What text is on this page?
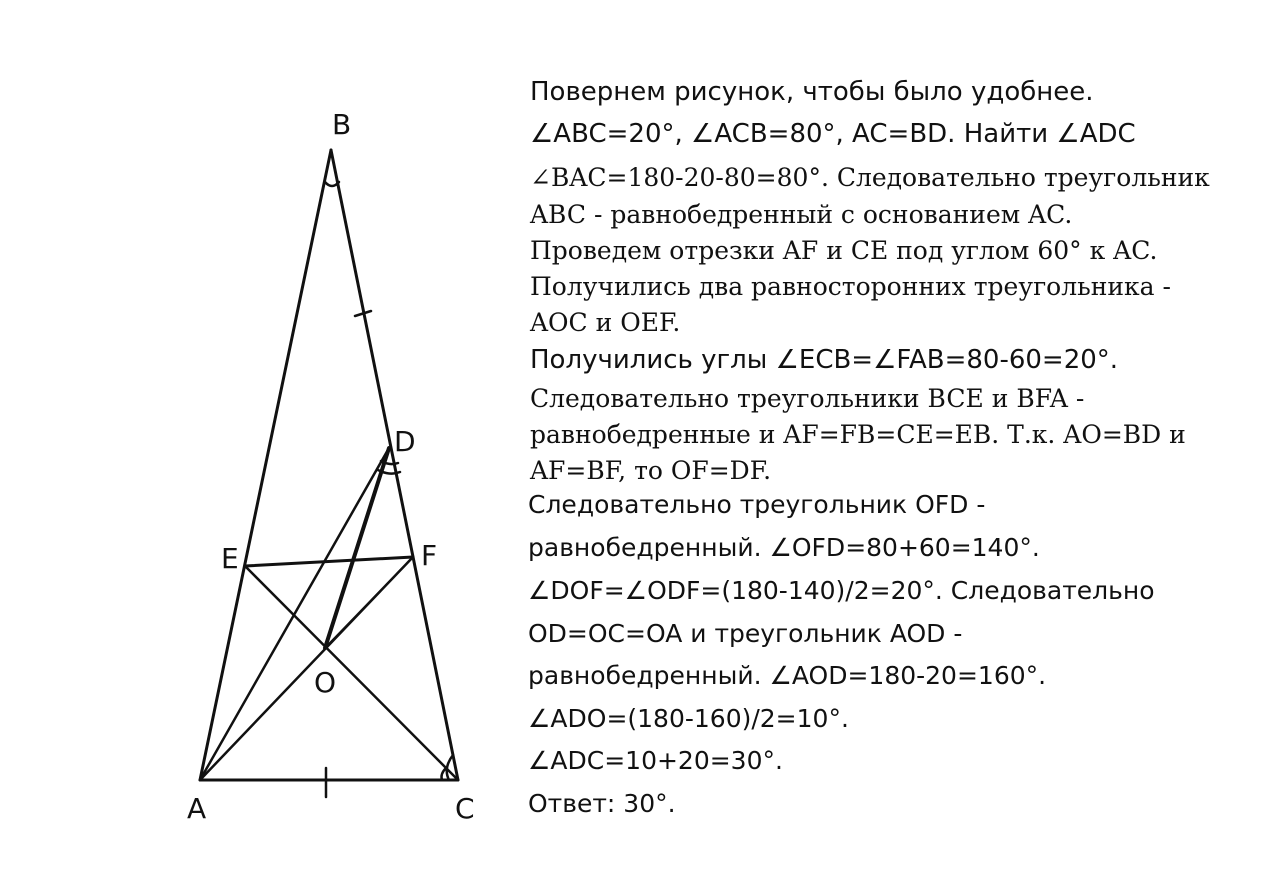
B
D
E	F
O
A	C

Повернем рисунок, чтобы было удобнее.

∠ABC=20°, ∠ACB=80°, AC=BD. Найти ∠ADC

∠BAC=180-20-80=80°. Следовательно треугольник

ABC - равнобедренный с основанием AC.

Проведем отрезки AF и CE под углом 60° к AC.

Получились два равносторонних треугольника -

AOC и OEF.

Получились углы ∠ECB=∠FAB=80-60=20°.

Следовательно треугольники BCE и BFA -

равнобедренные и AF=FB=CE=EB. Т.к. AO=BD и

AF=BF, то OF=DF.

Следовательно треугольник OFD -

равнобедренный. ∠OFD=80+60=140°.

∠DOF=∠ODF=(180-140)/2=20°. Следовательно

OD=OC=OA и треугольник AOD -

равнобедренный. ∠AOD=180-20=160°.

∠ADO=(180-160)/2=10°.

∠ADC=10+20=30°.

Ответ: 30°.
